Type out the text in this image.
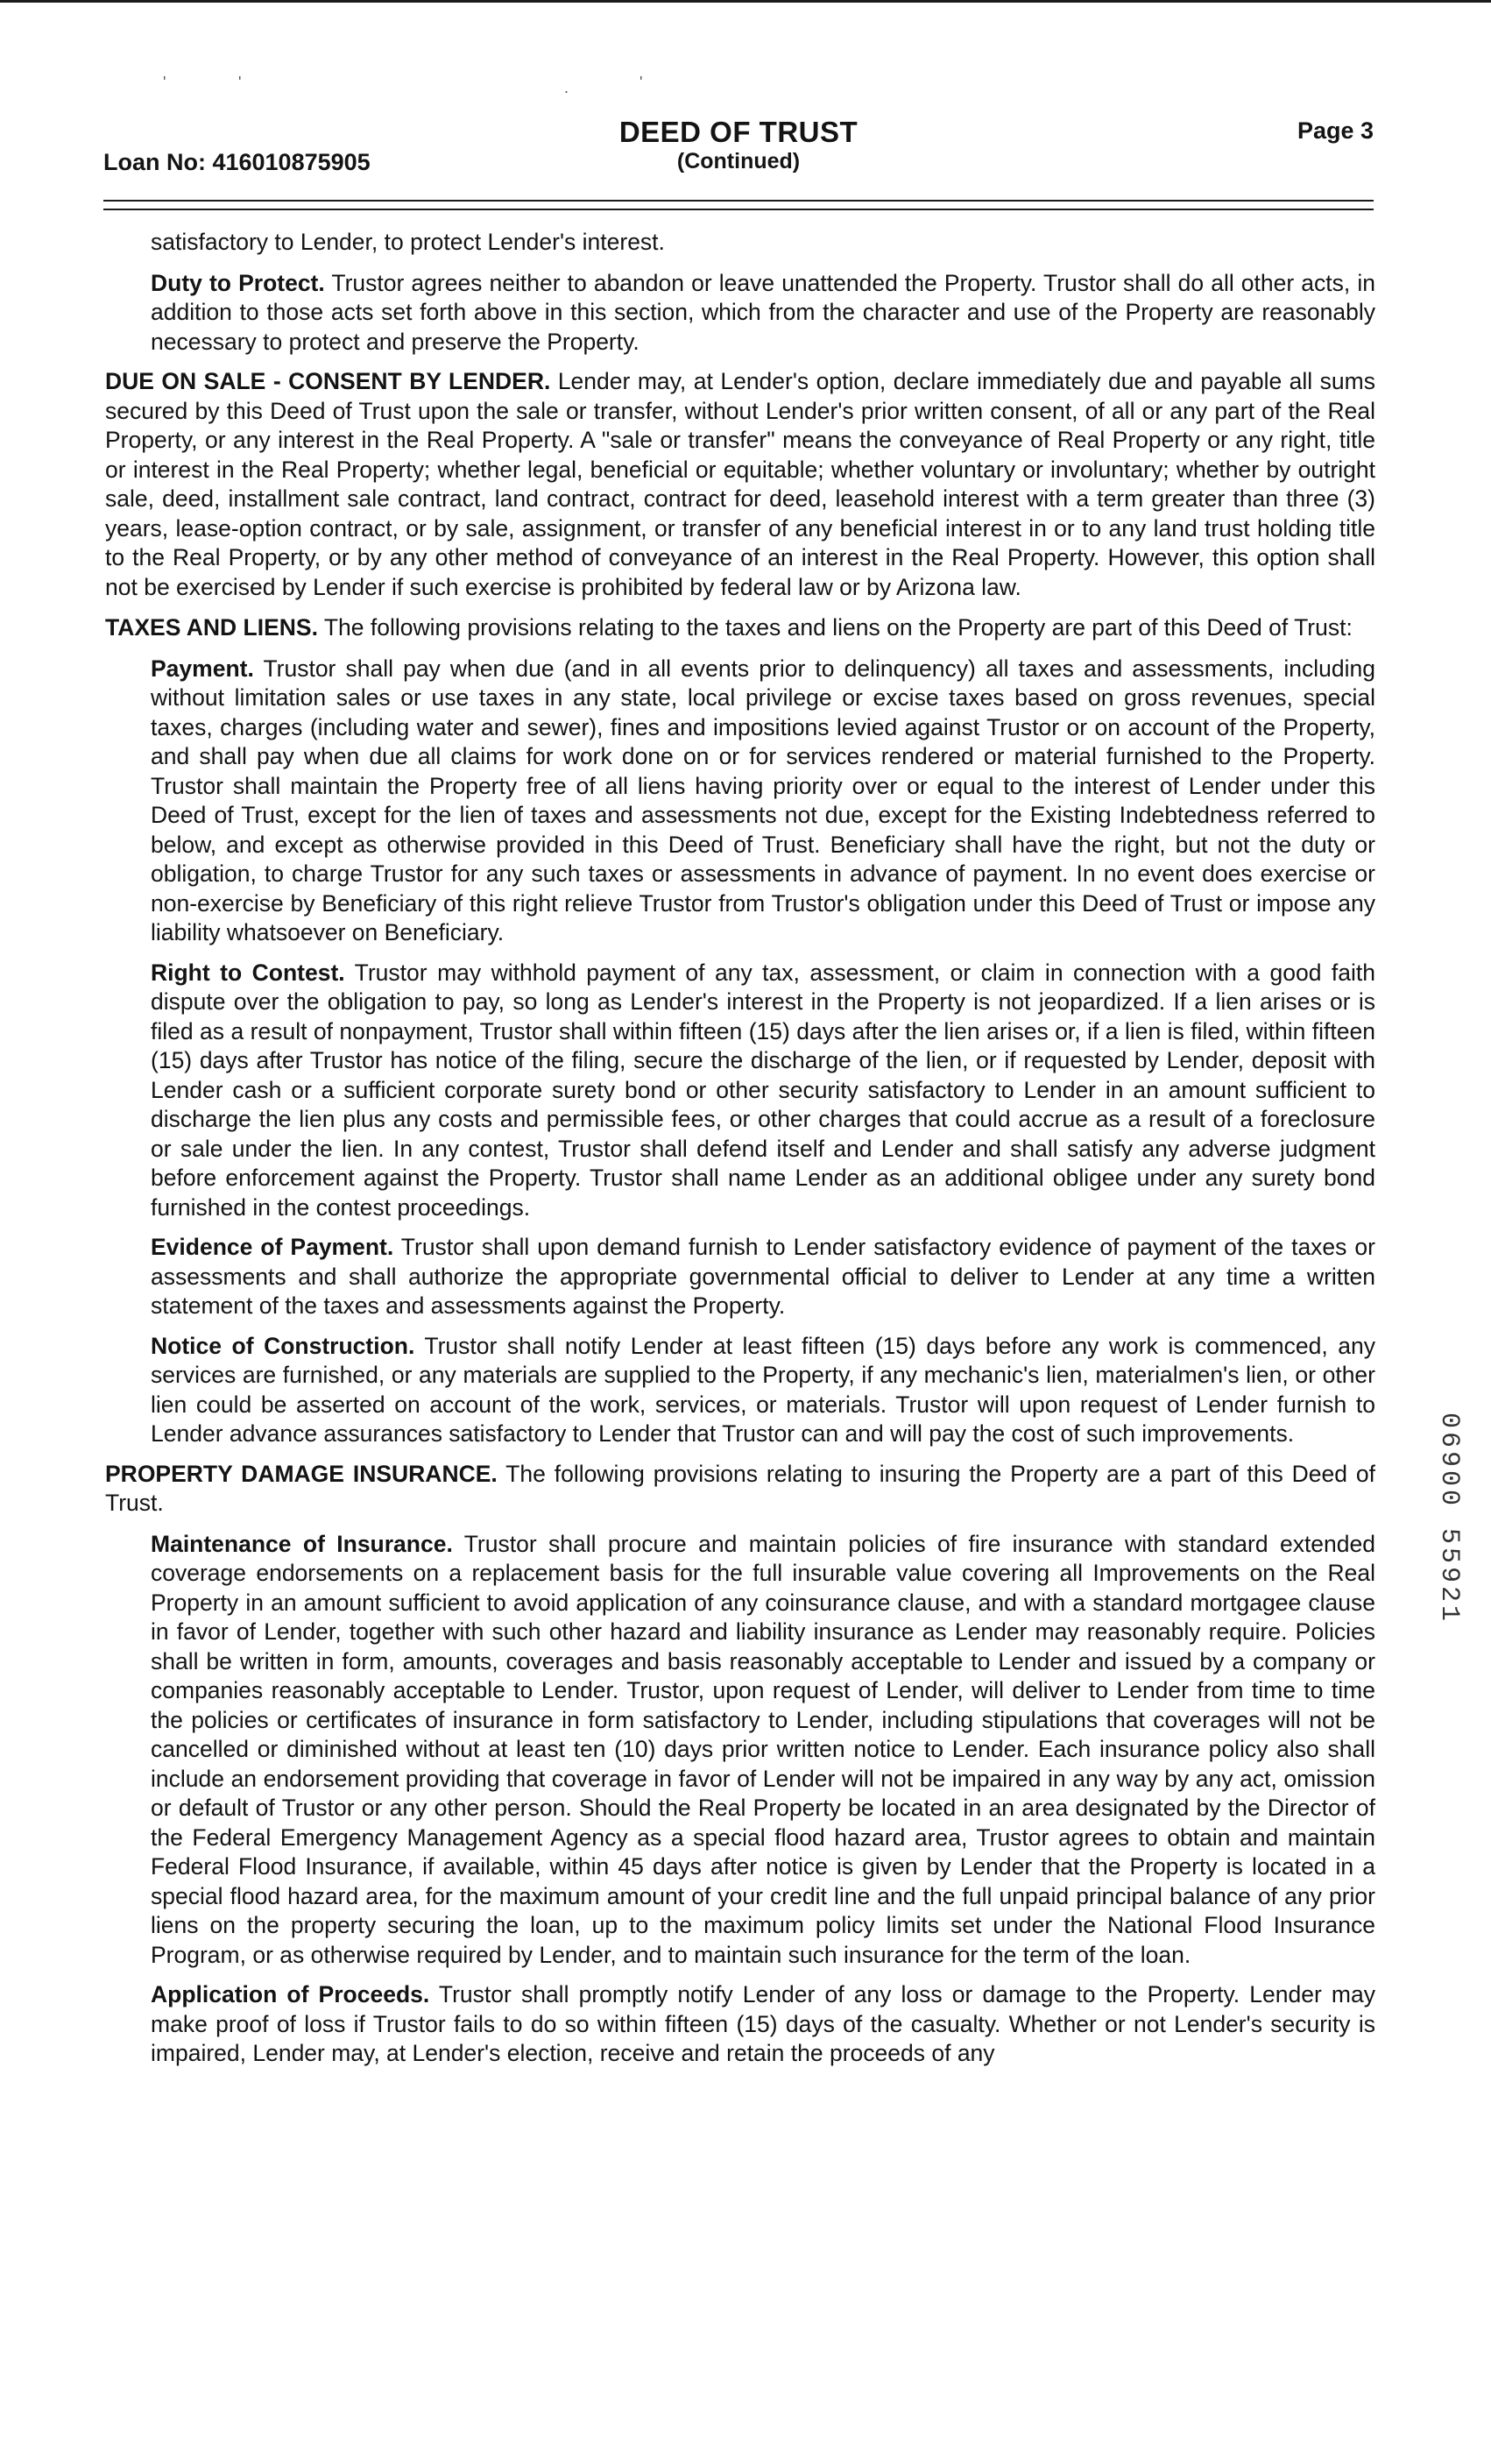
'	'	.	'
Loan No: 416010875905
DEED OF TRUST
(Continued)
Page 3

satisfactory to Lender, to protect Lender's interest.

Duty to Protect. Trustor agrees neither to abandon or leave unattended the Property. Trustor shall do all other acts, in addition to those acts set forth above in this section, which from the character and use of the Property are reasonably necessary to protect and preserve the Property.

DUE ON SALE - CONSENT BY LENDER. Lender may, at Lender's option, declare immediately due and payable all sums secured by this Deed of Trust upon the sale or transfer, without Lender's prior written consent, of all or any part of the Real Property, or any interest in the Real Property. A "sale or transfer" means the conveyance of Real Property or any right, title or interest in the Real Property; whether legal, beneficial or equitable; whether voluntary or involuntary; whether by outright sale, deed, installment sale contract, land contract, contract for deed, leasehold interest with a term greater than three (3) years, lease-option contract, or by sale, assignment, or transfer of any beneficial interest in or to any land trust holding title to the Real Property, or by any other method of conveyance of an interest in the Real Property. However, this option shall not be exercised by Lender if such exercise is prohibited by federal law or by Arizona law.

TAXES AND LIENS. The following provisions relating to the taxes and liens on the Property are part of this Deed of Trust:

Payment. Trustor shall pay when due (and in all events prior to delinquency) all taxes and assessments, including without limitation sales or use taxes in any state, local privilege or excise taxes based on gross revenues, special taxes, charges (including water and sewer), fines and impositions levied against Trustor or on account of the Property, and shall pay when due all claims for work done on or for services rendered or material furnished to the Property. Trustor shall maintain the Property free of all liens having priority over or equal to the interest of Lender under this Deed of Trust, except for the lien of taxes and assessments not due, except for the Existing Indebtedness referred to below, and except as otherwise provided in this Deed of Trust. Beneficiary shall have the right, but not the duty or obligation, to charge Trustor for any such taxes or assessments in advance of payment. In no event does exercise or non-exercise by Beneficiary of this right relieve Trustor from Trustor's obligation under this Deed of Trust or impose any liability whatsoever on Beneficiary.

Right to Contest. Trustor may withhold payment of any tax, assessment, or claim in connection with a good faith dispute over the obligation to pay, so long as Lender's interest in the Property is not jeopardized. If a lien arises or is filed as a result of nonpayment, Trustor shall within fifteen (15) days after the lien arises or, if a lien is filed, within fifteen (15) days after Trustor has notice of the filing, secure the discharge of the lien, or if requested by Lender, deposit with Lender cash or a sufficient corporate surety bond or other security satisfactory to Lender in an amount sufficient to discharge the lien plus any costs and permissible fees, or other charges that could accrue as a result of a foreclosure or sale under the lien. In any contest, Trustor shall defend itself and Lender and shall satisfy any adverse judgment before enforcement against the Property. Trustor shall name Lender as an additional obligee under any surety bond furnished in the contest proceedings.

Evidence of Payment. Trustor shall upon demand furnish to Lender satisfactory evidence of payment of the taxes or assessments and shall authorize the appropriate governmental official to deliver to Lender at any time a written statement of the taxes and assessments against the Property.

Notice of Construction. Trustor shall notify Lender at least fifteen (15) days before any work is commenced, any services are furnished, or any materials are supplied to the Property, if any mechanic's lien, materialmen's lien, or other lien could be asserted on account of the work, services, or materials. Trustor will upon request of Lender furnish to Lender advance assurances satisfactory to Lender that Trustor can and will pay the cost of such improvements.

PROPERTY DAMAGE INSURANCE. The following provisions relating to insuring the Property are a part of this Deed of Trust.

Maintenance of Insurance. Trustor shall procure and maintain policies of fire insurance with standard extended coverage endorsements on a replacement basis for the full insurable value covering all Improvements on the Real Property in an amount sufficient to avoid application of any coinsurance clause, and with a standard mortgagee clause in favor of Lender, together with such other hazard and liability insurance as Lender may reasonably require. Policies shall be written in form, amounts, coverages and basis reasonably acceptable to Lender and issued by a company or companies reasonably acceptable to Lender. Trustor, upon request of Lender, will deliver to Lender from time to time the policies or certificates of insurance in form satisfactory to Lender, including stipulations that coverages will not be cancelled or diminished without at least ten (10) days prior written notice to Lender. Each insurance policy also shall include an endorsement providing that coverage in favor of Lender will not be impaired in any way by any act, omission or default of Trustor or any other person. Should the Real Property be located in an area designated by the Director of the Federal Emergency Management Agency as a special flood hazard area, Trustor agrees to obtain and maintain Federal Flood Insurance, if available, within 45 days after notice is given by Lender that the Property is located in a special flood hazard area, for the maximum amount of your credit line and the full unpaid principal balance of any prior liens on the property securing the loan, up to the maximum policy limits set under the National Flood Insurance Program, or as otherwise required by Lender, and to maintain such insurance for the term of the loan.

Application of Proceeds. Trustor shall promptly notify Lender of any loss or damage to the Property. Lender may make proof of loss if Trustor fails to do so within fifteen (15) days of the casualty. Whether or not Lender's security is impaired, Lender may, at Lender's election, receive and retain the proceeds of any

06900 55921
